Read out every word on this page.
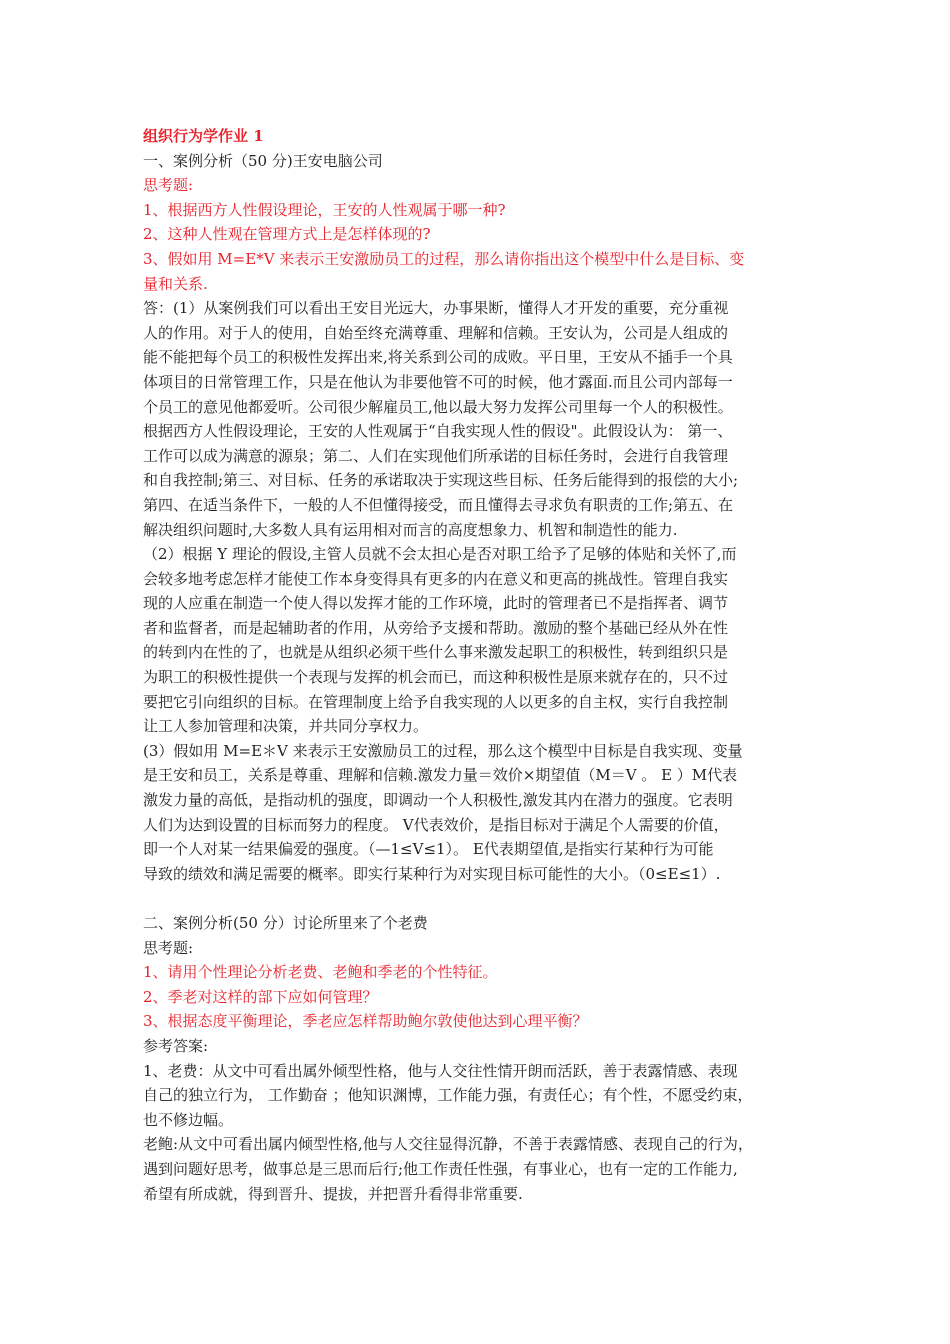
组织行为学作业 1
一、案例分析（50 分)王安电脑公司
思考题:
1、根据西方人性假设理论，王安的人性观属于哪一种?
2、这种人性观在管理方式上是怎样体现的?
3、假如用 M=E*V 来表示王安激励员工的过程，那么请你指出这个模型中什么是目标、变
量和关系.
答：(1）从案例我们可以看出王安目光远大，办事果断，懂得人才开发的重要，充分重视
人的作用。对于人的使用，自始至终充满尊重、理解和信赖。王安认为，公司是人组成的
能不能把每个员工的积极性发挥出来,将关系到公司的成败。平日里，王安从不插手一个具
体项目的日常管理工作，只是在他认为非要他管不可的时候，他才露面.而且公司内部每一
个员工的意见他都爱听。公司很少解雇员工,他以最大努力发挥公司里每一个人的积极性。
根据西方人性假设理论，王安的人性观属于“自我实现人性的假设"。此假设认为： 第一、
工作可以成为满意的源泉；第二、人们在实现他们所承诺的目标任务时，会进行自我管理
和自我控制;第三、对目标、任务的承诺取决于实现这些目标、任务后能得到的报偿的大小;
第四、在适当条件下，一般的人不但懂得接受，而且懂得去寻求负有职责的工作;第五、在
解决组织问题时,大多数人具有运用相对而言的高度想象力、机智和制造性的能力.
（2）根据 Y 理论的假设,主管人员就不会太担心是否对职工给予了足够的体贴和关怀了,而
会较多地考虑怎样才能使工作本身变得具有更多的内在意义和更高的挑战性。管理自我实
现的人应重在制造一个使人得以发挥才能的工作环境，此时的管理者已不是指挥者、调节
者和监督者，而是起辅助者的作用，从旁给予支援和帮助。激励的整个基础已经从外在性
的转到内在性的了，也就是从组织必须干些什么事来激发起职工的积极性，转到组织只是
为职工的积极性提供一个表现与发挥的机会而已，而这种积极性是原来就存在的，只不过
要把它引向组织的目标。在管理制度上给予自我实现的人以更多的自主权，实行自我控制
让工人参加管理和决策，并共同分享权力。
(3）假如用 M=E＊V 来表示王安激励员工的过程，那么这个模型中目标是自我实现、变量
是王安和员工，关系是尊重、理解和信赖.激发力量＝效价×期望值（M＝V 。 E ）M代表
激发力量的高低，是指动机的强度，即调动一个人积极性,激发其内在潜力的强度。它表明
人们为达到设置的目标而努力的程度。 V代表效价，是指目标对于满足个人需要的价值，
即一个人对某一结果偏爱的强度。（—1≤V≤1）。 E代表期望值,是指实行某种行为可能
导致的绩效和满足需要的概率。即实行某种行为对实现目标可能性的大小。（0≤E≤1）.
二、案例分析(50 分）讨论所里来了个老费
思考题:
1、请用个性理论分析老费、老鲍和季老的个性特征。
2、季老对这样的部下应如何管理？
3、根据态度平衡理论，季老应怎样帮助鲍尔敦使他达到心理平衡？
参考答案:
1、老费：从文中可看出属外倾型性格，他与人交往性情开朗而活跃，善于表露情感、表现
自己的独立行为， 工作勤奋 ；他知识渊博，工作能力强，有责任心；有个性，不愿受约束，
也不修边幅。
老鲍:从文中可看出属内倾型性格,他与人交往显得沉静，不善于表露情感、表现自己的行为，
遇到问题好思考，做事总是三思而后行;他工作责任性强，有事业心，也有一定的工作能力,
希望有所成就，得到晋升、提拔，并把晋升看得非常重要.
